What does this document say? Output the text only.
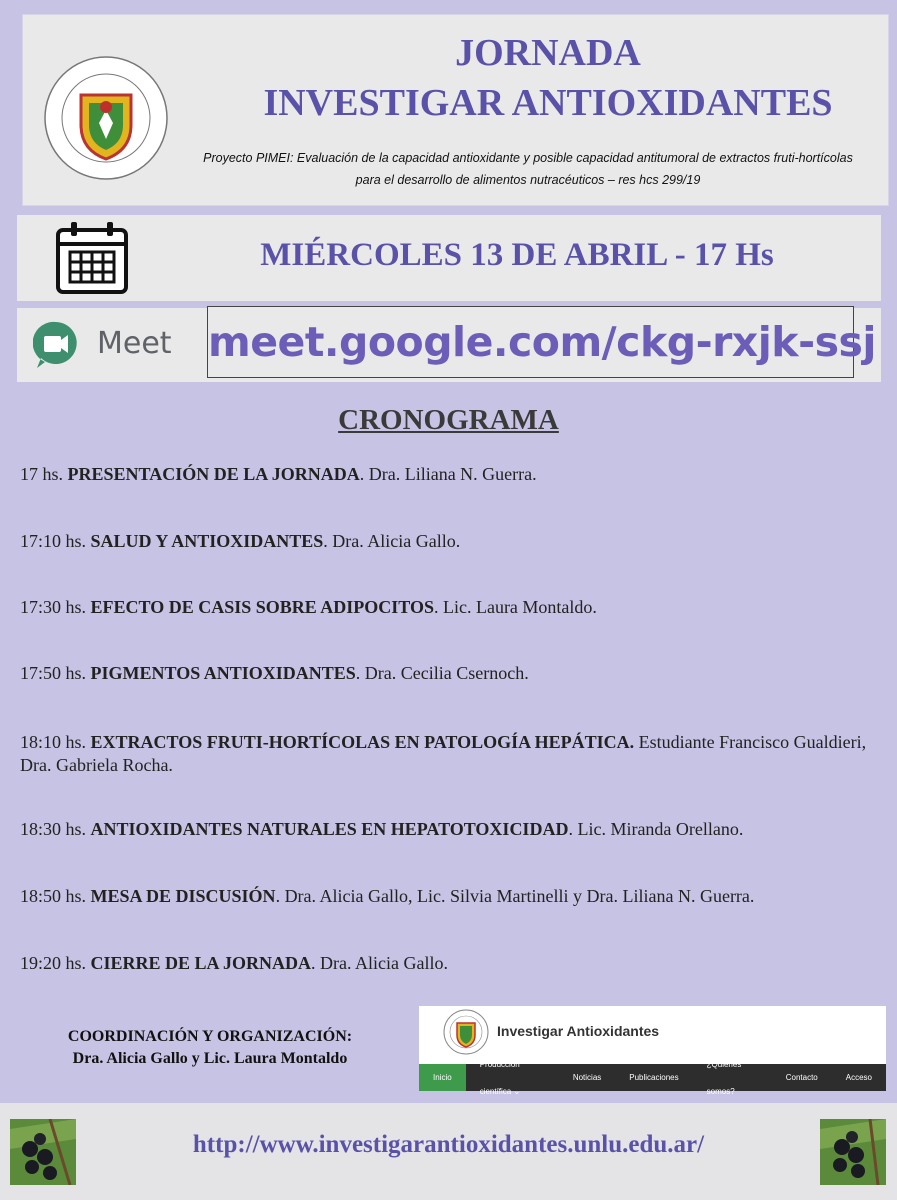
JORNADA
INVESTIGAR ANTIOXIDANTES
Proyecto PIMEI: Evaluación de la capacidad antioxidante y posible capacidad antitumoral de extractos fruti-hortícolas
para el desarrollo de alimentos nutracéuticos – res hcs 299/19
MIÉRCOLES 13 DE ABRIL - 17 Hs
Meet meet.google.com/ckg-rxjk-ssj
CRONOGRAMA
17 hs. PRESENTACIÓN DE LA JORNADA. Dra. Liliana N. Guerra.
17:10 hs. SALUD Y ANTIOXIDANTES. Dra. Alicia Gallo.
17:30 hs. EFECTO DE CASIS SOBRE ADIPOCITOS. Lic. Laura Montaldo.
17:50 hs. PIGMENTOS ANTIOXIDANTES. Dra. Cecilia Csernoch.
18:10 hs. EXTRACTOS FRUTI-HORTÍCOLAS EN PATOLOGÍA HEPÁTICA. Estudiante Francisco Gualdieri, Dra. Gabriela Rocha.
18:30 hs. ANTIOXIDANTES NATURALES EN HEPATOTOXICIDAD. Lic. Miranda Orellano.
18:50 hs. MESA DE DISCUSIÓN. Dra. Alicia Gallo, Lic. Silvia Martinelli y Dra. Liliana N. Guerra.
19:20 hs. CIERRE DE LA JORNADA. Dra. Alicia Gallo.
COORDINACIÓN Y ORGANIZACIÓN:
Dra. Alicia Gallo y Lic. Laura Montaldo
Investigar Antioxidantes
Inicio
Producción científica ⌄
Noticias	Publicaciones
¿Quienes somos?
Contacto	Acceso
http://www.investigarantioxidantes.unlu.edu.ar/
